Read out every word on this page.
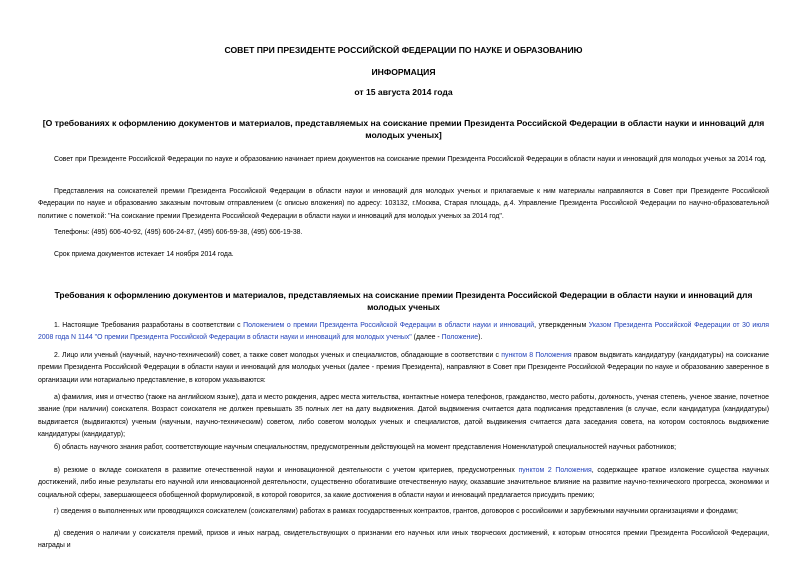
СОВЕТ ПРИ ПРЕЗИДЕНТЕ РОССИЙСКОЙ ФЕДЕРАЦИИ ПО НАУКЕ И ОБРАЗОВАНИЮ
ИНФОРМАЦИЯ
от 15 августа 2014 года
[О требованиях к оформлению документов и материалов, представляемых на соискание премии Президента Российской Федерации в области науки и инноваций для молодых ученых]
Совет при Президенте Российской Федерации по науке и образованию начинает прием документов на соискание премии Президента Российской Федерации в области науки и инноваций для молодых ученых за 2014 год.
Представления на соискателей премии Президента Российской Федерации в области науки и инноваций для молодых ученых и прилагаемые к ним материалы направляются в Совет при Президенте Российской Федерации по науке и образованию заказным почтовым отправлением (с описью вложения) по адресу: 103132, г.Москва, Старая площадь, д.4. Управление Президента Российской Федерации по научно-образовательной политике с пометкой: "На соискание премии Президента Российской Федерации в области науки и инноваций для молодых ученых за 2014 год".
Телефоны: (495) 606-40-92, (495) 606-24-87, (495) 606-59-38, (495) 606-19-38.
Срок приема документов истекает 14 ноября 2014 года.
Требования к оформлению документов и материалов, представляемых на соискание премии Президента Российской Федерации в области науки и инноваций для молодых ученых
1. Настоящие Требования разработаны в соответствии с Положением о премии Президента Российской Федерации в области науки и инноваций, утвержденным Указом Президента Российской Федерации от 30 июля 2008 года N 1144 "О премии Президента Российской Федерации в области науки и инноваций для молодых ученых" (далее - Положение).
2. Лицо или ученый (научный, научно-технический) совет, а также совет молодых ученых и специалистов, обладающие в соответствии с пунктом 8 Положения правом выдвигать кандидатуру (кандидатуры) на соискание премии Президента Российской Федерации в области науки и инноваций для молодых ученых (далее - премия Президента), направляют в Совет при Президенте Российской Федерации по науке и образованию заверенное в организации или нотариально представление, в котором указываются:
а) фамилия, имя и отчество (также на английском языке), дата и место рождения, адрес места жительства, контактные номера телефонов, гражданство, место работы, должность, ученая степень, ученое звание, почетное звание (при наличии) соискателя. Возраст соискателя не должен превышать 35 полных лет на дату выдвижения. Датой выдвижения считается дата подписания представления (в случае, если кандидатура (кандидатуры) выдвигается (выдвигаются) ученым (научным, научно-техническим) советом, либо советом молодых ученых и специалистов, датой выдвижения считается дата заседания совета, на котором состоялось выдвижение кандидатуры (кандидатур);
б) область научного знания работ, соответствующие научным специальностям, предусмотренным действующей на момент представления Номенклатурой специальностей научных работников;
в) резюме о вкладе соискателя в развитие отечественной науки и инновационной деятельности с учетом критериев, предусмотренных пунктом 2 Положения, содержащее краткое изложение существа научных достижений, либо иные результаты его научной или инновационной деятельности, существенно обогатившие отечественную науку, оказавшие значительное влияние на развитие научно-технического прогресса, экономики и социальной сферы, завершающееся обобщенной формулировкой, в которой говорится, за какие достижения в области науки и инноваций предлагается присудить премию;
г) сведения о выполненных или проводящихся соискателем (соискателями) работах в рамках государственных контрактов, грантов, договоров с российскими и зарубежными научными организациями и фондами;
д) сведения о наличии у соискателя премий, призов и иных наград, свидетельствующих о признании его научных или иных творческих достижений, к которым относятся премии Президента Российской Федерации, награды и
